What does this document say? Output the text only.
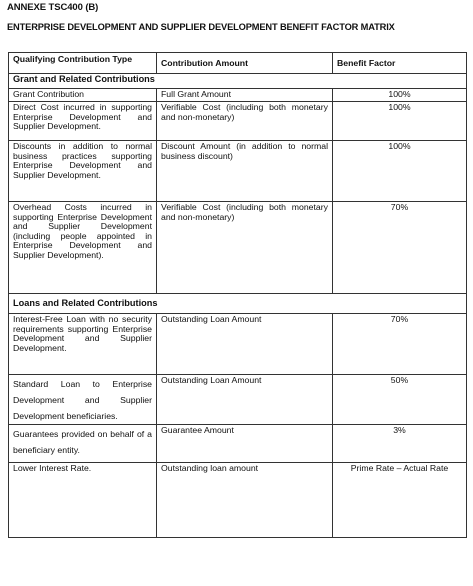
ANNEXE TSC400 (B)
ENTERPRISE DEVELOPMENT AND SUPPLIER DEVELOPMENT BENEFIT FACTOR MATRIX
Qualifying Contribution Type	Contribution Amount	Benefit Factor
Grant and Related Contributions		
Grant Contribution	Full Grant Amount	100%
Direct Cost incurred in supporting Enterprise Development and Supplier Development.	Verifiable Cost (including both monetary and non-monetary)	100%
Discounts in addition to normal business practices supporting Enterprise Development and Supplier Development.	Discount Amount (in addition to normal business discount)	100%
Overhead Costs incurred in supporting Enterprise Development and Supplier Development (including people appointed in Enterprise Development and Supplier Development).	Verifiable Cost (including both monetary and non-monetary)	70%
Loans and Related Contributions		
Interest-Free Loan with no security requirements supporting Enterprise Development and Supplier Development.	Outstanding Loan Amount	70%
Standard Loan to Enterprise Development and Supplier Development beneficiaries.	Outstanding Loan Amount	50%
Guarantees provided on behalf of a beneficiary entity.	Guarantee Amount	3%
Lower Interest Rate.	Outstanding loan amount	Prime Rate – Actual Rate
